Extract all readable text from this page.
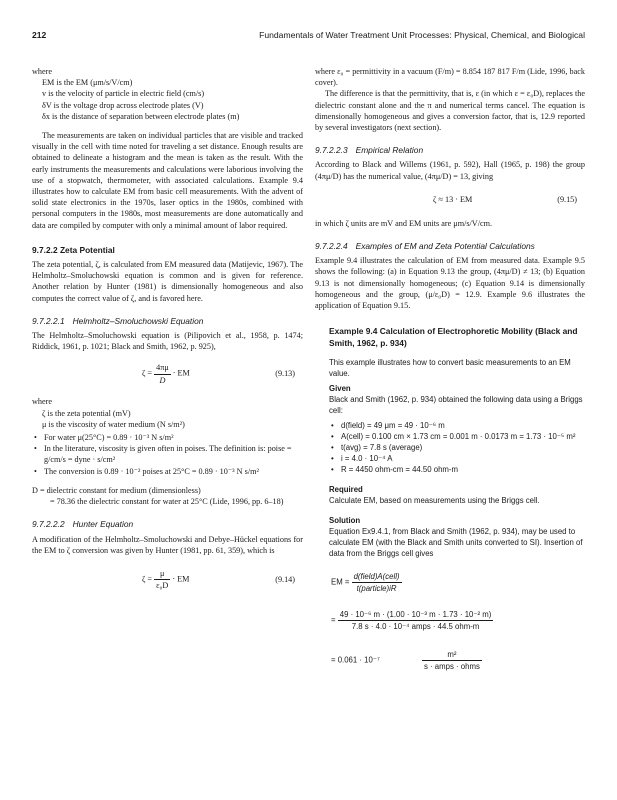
212	Fundamentals of Water Treatment Unit Processes: Physical, Chemical, and Biological

where

EM is the EM (μm/s/V/cm)
v is the velocity of particle in electric field (cm/s)
δV is the voltage drop across electrode plates (V)
δx is the distance of separation between electrode plates (m)

The measurements are taken on individual particles that are visible and tracked visually in the cell with time noted for traveling a set distance. Enough results are obtained to delineate a histogram and the mean is taken as the result. With the early instruments the measurements and calculations were laborious involving the use of a stopwatch, thermometer, with associated calculations. Example 9.4 illustrates how to calculate EM from basic cell measurements. With the advent of solid state electronics in the 1970s, laser optics in the 1980s, combined with personal computers in the 1980s, most measurements are done automatically and data are compiled by computer with only a minimal amount of labor required.

9.7.2.2 Zeta Potential

The zeta potential, ζ, is calculated from EM measured data (Matijevic, 1967). The Helmholtz–Smoluchowski equation is common and is given for reference. Another relation by Hunter (1981) is dimensionally homogeneous and also computes the correct value of ζ, and is favored here.

9.7.2.2.1 Helmholtz–Smoluchowski Equation

The Helmholtz–Smoluchowski equation is (Pilipovich et al., 1958, p. 1474; Riddick, 1961, p. 1021; Black and Smith, 1962, p. 925),

$\zeta = \frac{4\pi\mu}{D}$ · EM	(9.13)

where

ζ is the zeta potential (mV)
μ is the viscosity of water medium (N s/m²)
• For water μ(25°C) = 0.89 · 10⁻³ N s/m²
• In the literature, viscosity is given often in poises. The definition is: poise = g/cm/s = dyne · s/cm²
• The conversion is 0.89 · 10⁻² poises at 25°C = 0.89 · 10⁻³ N s/m²
D = dielectric constant for medium (dimensionless)
= 78.36 the dielectric constant for water at 25°C (Lide, 1996, pp. 6–18)
9.7.2.2.2 Hunter Equation

A modification of the Helmholtz–Smoluchowski and Debye–Hückel equations for the EM to ζ conversion was given by Hunter (1981, pp. 61, 359), which is

$\zeta = \frac{\mu}{\text{ε₀D}}$ · EM	(9.14)

where ε₀ = permittivity in a vacuum (F/m) = 8.854 187 817 F/m (Lide, 1996, back cover).

The difference is that the permittivity, that is, ε (in which ε = ε₀D), replaces the dielectric constant alone and the π and numerical terms cancel. The equation is dimensionally homogeneous and gives a conversion factor, that is, 12.9 reported by several investigators (next section).

9.7.2.2.3 Empirical Relation

According to Black and Willems (1961, p. 592), Hall (1965, p. 198) the group (4πμ/D) has the numerical value, (4πμ/D) = 13, giving

ζ ≈ 13 · EM	(9.15)

in which ζ units are mV and EM units are μm/s/V/cm.

9.7.2.2.4 Examples of EM and Zeta Potential Calculations

Example 9.4 illustrates the calculation of EM from measured data. Example 9.5 shows the following: (a) in Equation 9.13 the group, (4πμ/D) ≠ 13; (b) Equation 9.13 is not dimensionally homogeneous; (c) Equation 9.14 is dimensionally homogeneous and the group, (μ/ε₀D) = 12.9. Example 9.6 illustrates the application of Equation 9.15.

Example 9.4 Calculation of Electrophoretic Mobility (Black and Smith, 1962, p. 934)

This example illustrates how to convert basic measurements to an EM value.

Given

Black and Smith (1962, p. 934) obtained the following data using a Briggs cell:

• d(field) = 49 μm = 49 · 10⁻⁶ m
• A(cell) = 0.100 cm × 1.73 cm = 0.001 m · 0.0173 m = 1.73 · 10⁻⁵ m²
• t(avg) = 7.8 s (average)
• i = 4.0 · 10⁻⁴ A
• R = 4450 ohm-cm = 44.50 ohm-m
Required

Calculate EM, based on measurements using the Briggs cell.

Solution

Equation Ex9.4.1, from Black and Smith (1962, p. 934), may be used to calculate EM (with the Black and Smith units converted to SI). Insertion of data from the Briggs cell gives

EM = $\frac{\text{d(field)A(cell)}}{\text{t(particle)iR}}$
= $\frac{\text{49 · 10⁻⁶ m · (1.00 · 10⁻³ m · 1.73 · 10⁻² m)}}{\text{7.8 s · 4.0 · 10⁻⁴ amps · 44.5 ohm-m}}$
= 0.061 · 10⁻⁷	$\frac{\text{m²}}{\text{s · amps · ohms}}$
